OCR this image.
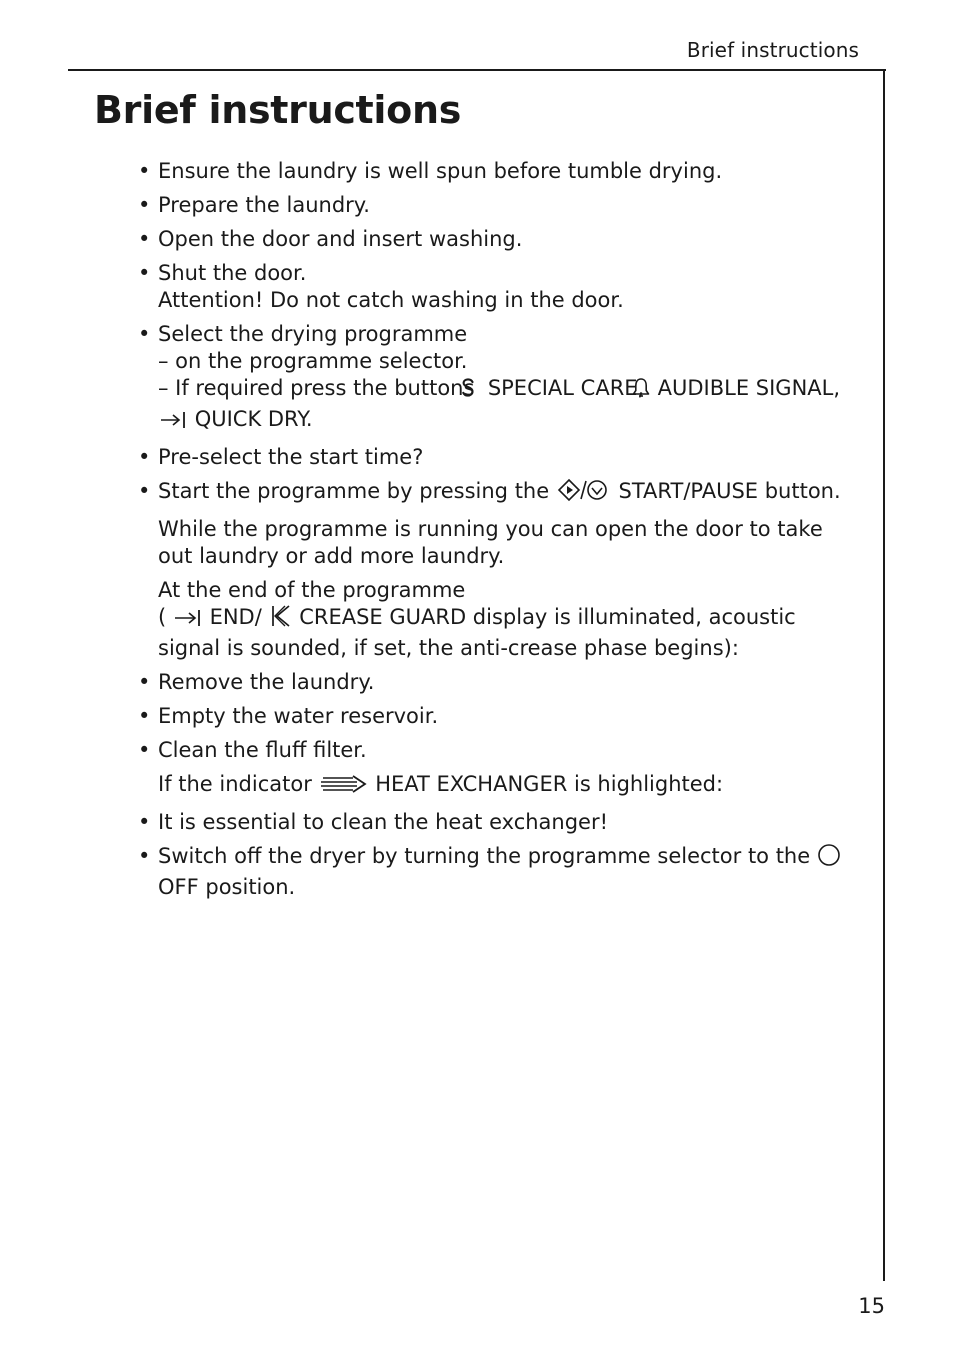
Brief instructions
Brief instructions
• Ensure the laundry is well spun before tumble drying.
• Prepare the laundry.
• Open the door and insert washing.
• Shut the door.
Attention! Do not catch washing in the door.
• Select the drying programme
– on the programme selector.
– If required press the buttons SPECIAL CARE, AUDIBLE SIGNAL,
QUICK DRY.
• Pre-select the start time?
• Start the programme by pressing the	START/PAUSE button.
While the programme is running you can open the door to take out laundry or add more laundry.
At the end of the programme
( END/ CREASE GUARD display is illuminated, acoustic signal is sounded, if set, the anti-crease phase begins):
• Remove the laundry.
• Empty the water reservoir.
• Clean the fluff filter.
If the indicator	HEAT EXCHANGER is highlighted:
• It is essential to clean the heat exchanger!
• Switch off the dryer by turning the programme selector to the  OFF position.
15
